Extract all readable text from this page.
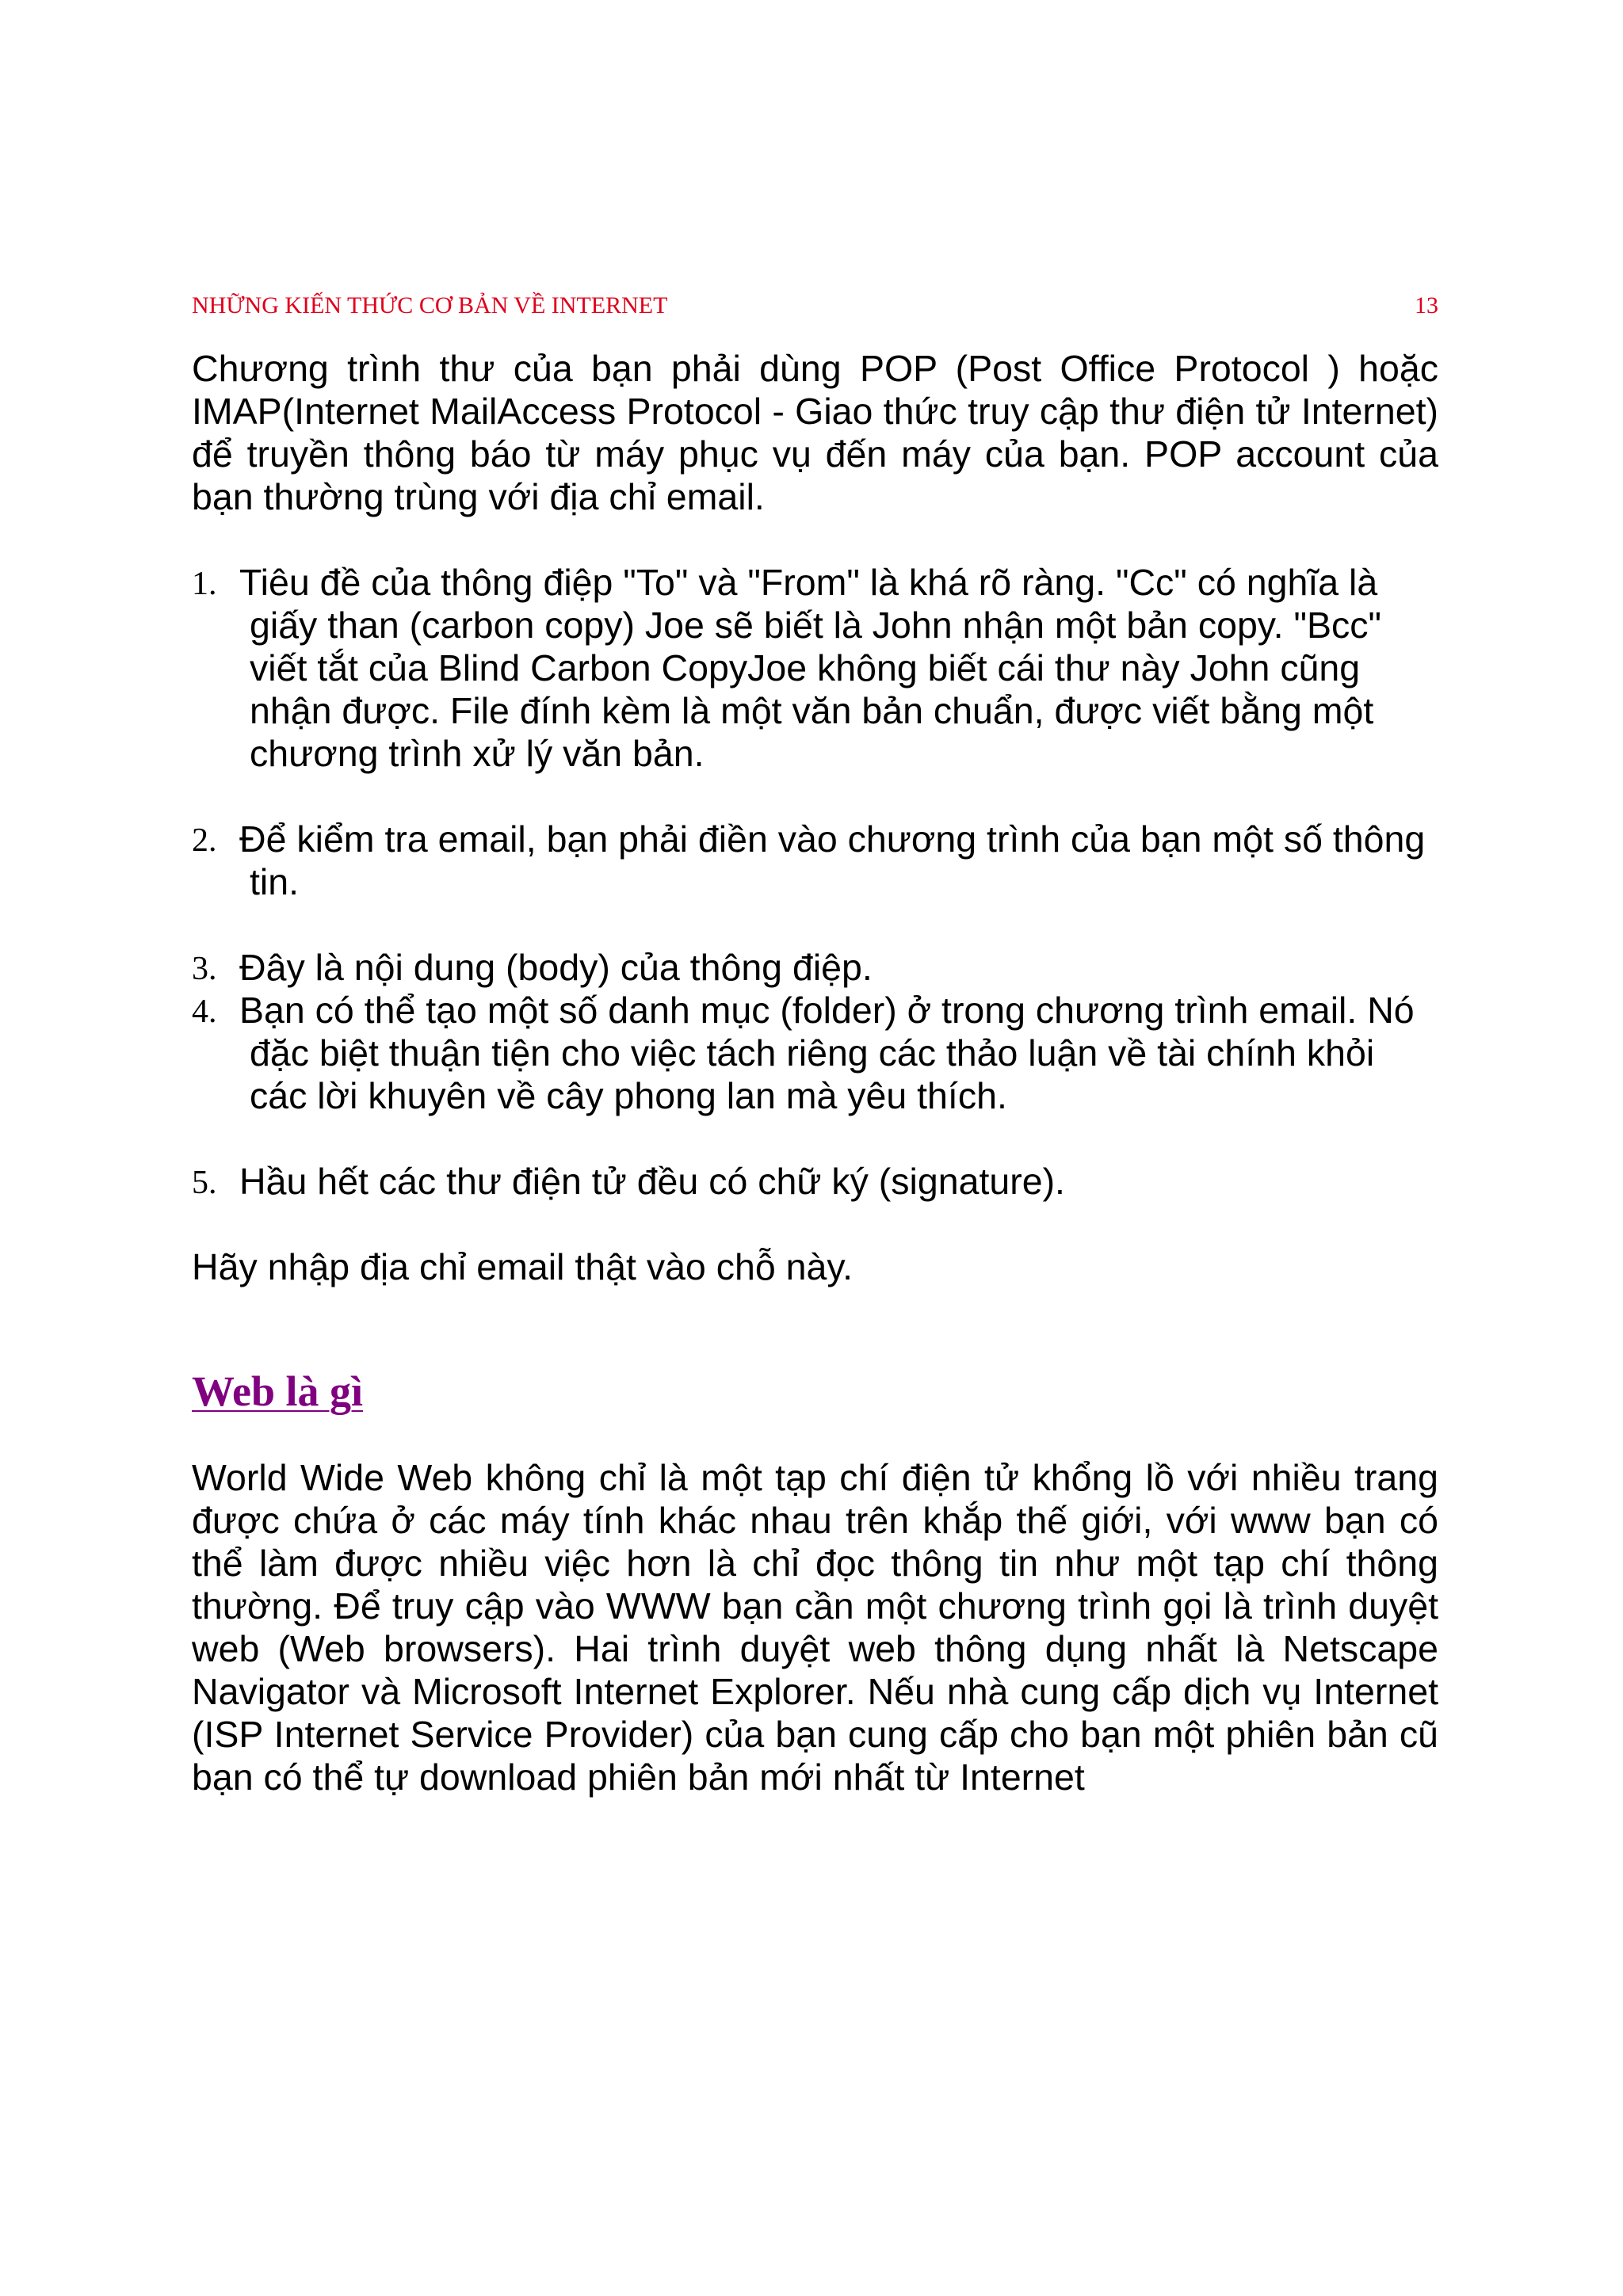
NHỮNG KIẾN THỨC CƠ BẢN VỀ INTERNET	13

Chương trình thư của bạn phải dùng POP (Post Office Protocol ) hoặc IMAP(Internet MailAccess Protocol - Giao thức truy cập thư điện tử Internet) để truyền thông báo từ máy phục vụ đến máy của bạn. POP account của bạn thường trùng với địa chỉ email.

1. Tiêu đề của thông điệp "To" và "From" là khá rõ ràng. "Cc" có nghĩa là giấy than (carbon copy) Joe sẽ biết là John nhận một bản copy. "Bcc" viết tắt của Blind Carbon CopyJoe không biết cái thư này John cũng nhận được. File đính kèm là một văn bản chuẩn, được viết bằng một chương trình xử lý văn bản.
2. Để kiểm tra email, bạn phải điền vào chương trình của bạn một số thông tin.
3. Đây là nội dung (body) của thông điệp.
4. Bạn có thể tạo một số danh mục (folder) ở trong chương trình email. Nó đặc biệt thuận tiện cho việc tách riêng các thảo luận về tài chính khỏi các lời khuyên về cây phong lan mà yêu thích.
5. Hầu hết các thư điện tử đều có chữ ký (signature).

Hãy nhập địa chỉ email thật vào chỗ này.

Web là gì

World Wide Web không chỉ là một tạp chí điện tử khổng lồ với nhiều trang được chứa ở các máy tính khác nhau trên khắp thế giới, với www bạn có thể làm được nhiều việc hơn là chỉ đọc thông tin như một tạp chí thông thường. Để truy cập vào WWW bạn cần một chương trình gọi là trình duyệt web (Web browsers). Hai trình duyệt web thông dụng nhất là Netscape Navigator và Microsoft Internet Explorer. Nếu nhà cung cấp dịch vụ Internet (ISP Internet Service Provider) của bạn cung cấp cho bạn một phiên bản cũ bạn có thể tự download phiên bản mới nhất từ Internet
